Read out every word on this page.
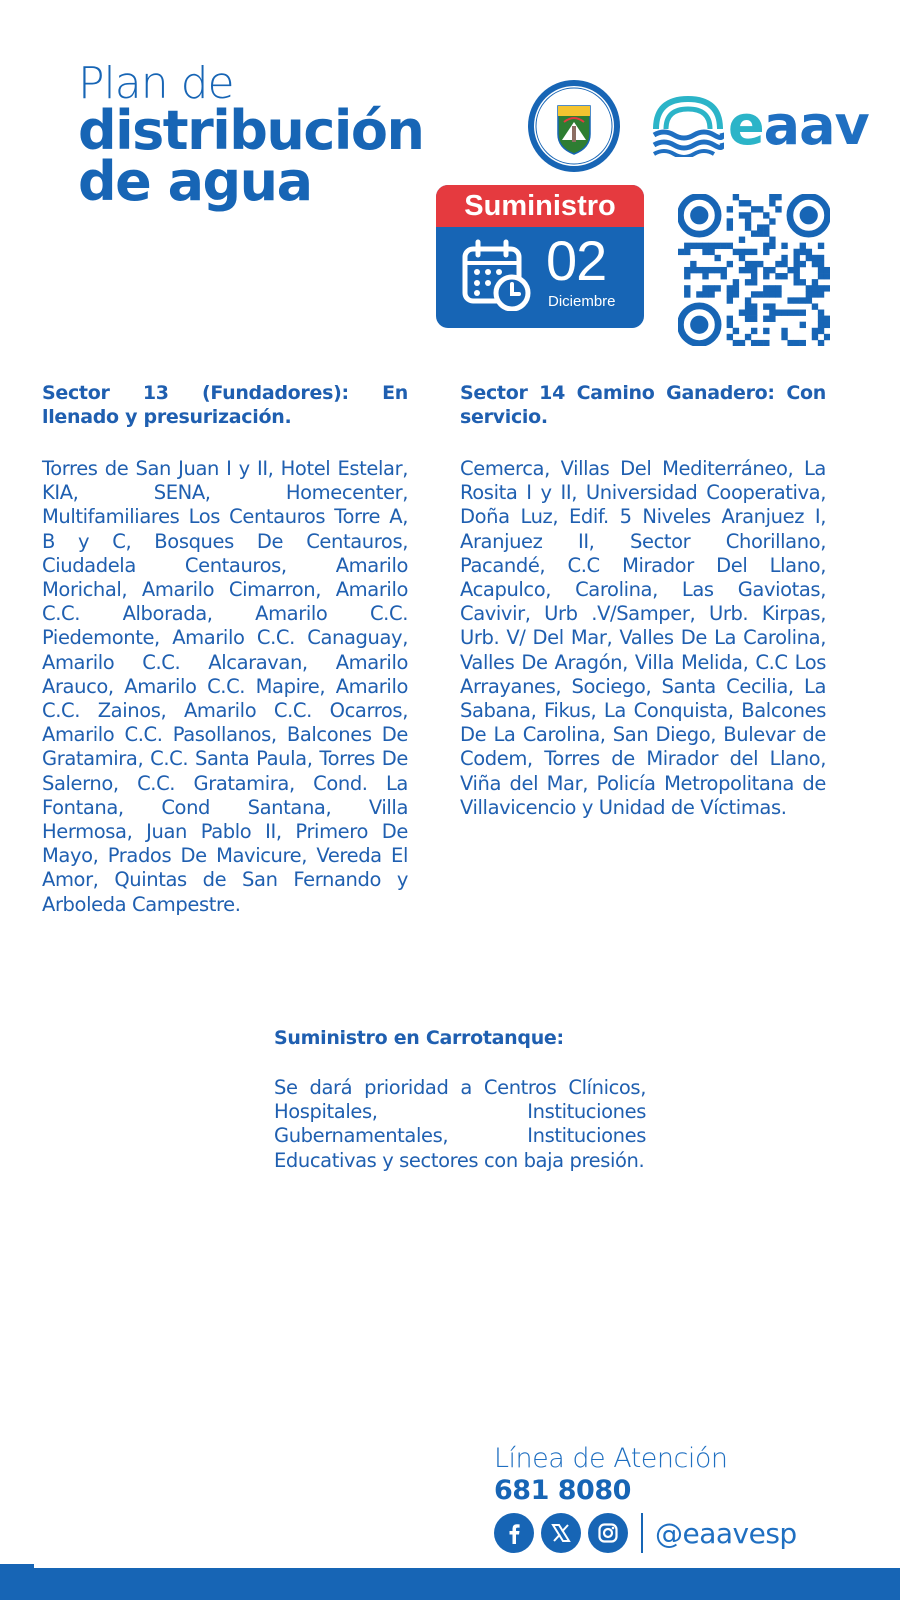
Plan de
distribución
de agua
eaav
Suministro
02
Diciembre
Sector 13 (Fundadores): En llenado y presurización.

Torres de San Juan I y II, Hotel Estelar, KIA, SENA, Homecenter, Multifamiliares Los Centauros Torre A, B y C, Bosques De Centauros, Ciudadela Centauros, Amarilo Morichal, Amarilo Cimarron, Amarilo C.C. Alborada, Amarilo C.C. Piedemonte, Amarilo C.C. Canaguay, Amarilo C.C. Alcaravan, Amarilo Arauco, Amarilo C.C. Mapire, Amarilo C.C. Zainos, Amarilo C.C. Ocarros, Amarilo C.C. Pasollanos, Balcones De Gratamira, C.C. Santa Paula, Torres De Salerno, C.C. Gratamira, Cond. La Fontana, Cond Santana, Villa Hermosa, Juan Pablo II, Primero De Mayo, Prados De Mavicure, Vereda El Amor, Quintas de San Fernando y Arboleda Campestre.

Sector 14 Camino Ganadero: Con servicio.

Cemerca, Villas Del Mediterráneo, La Rosita I y II, Universidad Cooperativa, Doña Luz, Edif. 5 Niveles Aranjuez I, Aranjuez II, Sector Chorillano, Pacandé, C.C Mirador Del Llano, Acapulco, Carolina, Las Gaviotas, Cavivir, Urb .V/Samper, Urb. Kirpas, Urb. V/ Del Mar, Valles De La Carolina, Valles De Aragón, Villa Melida, C.C Los Arrayanes, Sociego, Santa Cecilia, La Sabana, Fikus, La Conquista, Balcones De La Carolina, San Diego, Bulevar de Codem, Torres de Mirador del Llano, Viña del Mar, Policía Metropolitana de Villavicencio y Unidad de Víctimas.

Suministro en Carrotanque:

Se dará prioridad a Centros Clínicos, Hospitales, Instituciones Gubernamentales, Instituciones Educativas y sectores con baja presión.

Línea de Atención
681 8080
@eaavesp
